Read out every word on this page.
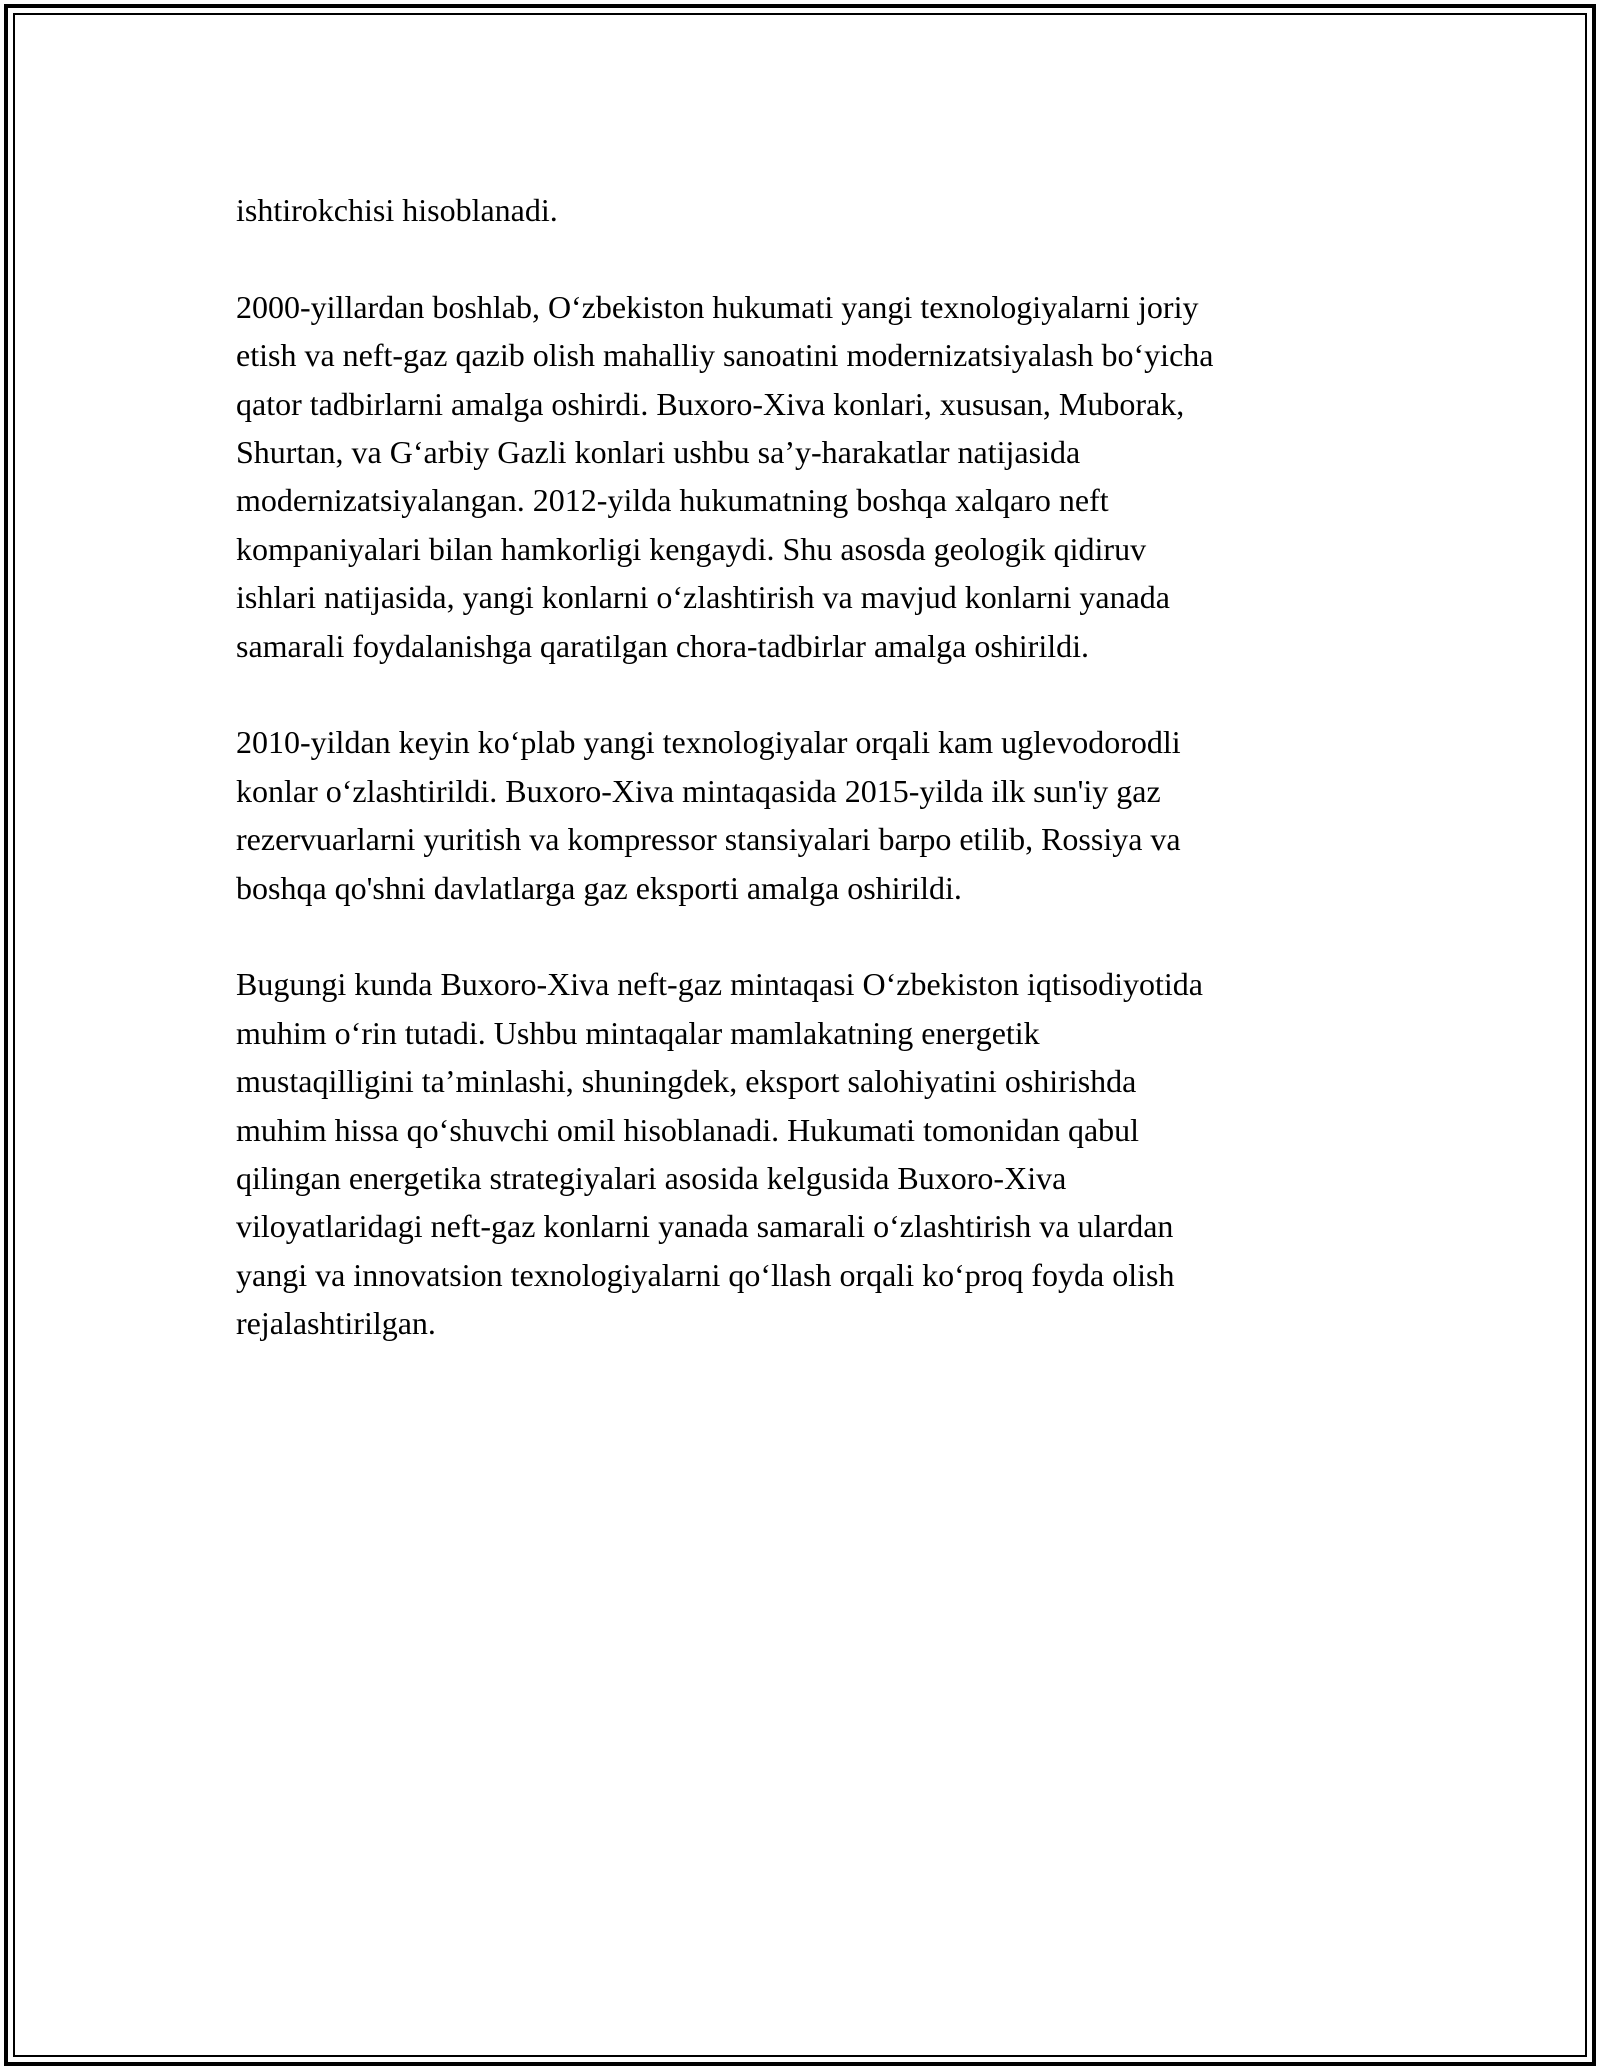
ishtirokchisi hisoblanadi.

2000-yillardan boshlab, O‘zbekiston hukumati yangi texnologiyalarni joriy
etish va neft-gaz qazib olish mahalliy sanoatini modernizatsiyalash bo‘yicha
qator tadbirlarni amalga oshirdi. Buxoro-Xiva konlari, xususan, Muborak,
Shurtan, va G‘arbiy Gazli konlari ushbu sa’y-harakatlar natijasida
modernizatsiyalangan. 2012-yilda hukumatning boshqa xalqaro neft
kompaniyalari bilan hamkorligi kengaydi. Shu asosda geologik qidiruv
ishlari natijasida, yangi konlarni o‘zlashtirish va mavjud konlarni yanada
samarali foydalanishga qaratilgan chora-tadbirlar amalga oshirildi.

2010-yildan keyin ko‘plab yangi texnologiyalar orqali kam uglevodorodli
konlar o‘zlashtirildi. Buxoro-Xiva mintaqasida 2015-yilda ilk sun'iy gaz
rezervuarlarni yuritish va kompressor stansiyalari barpo etilib, Rossiya va
boshqa qo'shni davlatlarga gaz eksporti amalga oshirildi.

Bugungi kunda Buxoro-Xiva neft-gaz mintaqasi O‘zbekiston iqtisodiyotida
muhim o‘rin tutadi. Ushbu mintaqalar mamlakatning energetik
mustaqilligini ta’minlashi, shuningdek, eksport salohiyatini oshirishda
muhim hissa qo‘shuvchi omil hisoblanadi. Hukumati tomonidan qabul
qilingan energetika strategiyalari asosida kelgusida Buxoro-Xiva
viloyatlaridagi neft-gaz konlarni yanada samarali o‘zlashtirish va ulardan
yangi va innovatsion texnologiyalarni qo‘llash orqali ko‘proq foyda olish
rejalashtirilgan.
